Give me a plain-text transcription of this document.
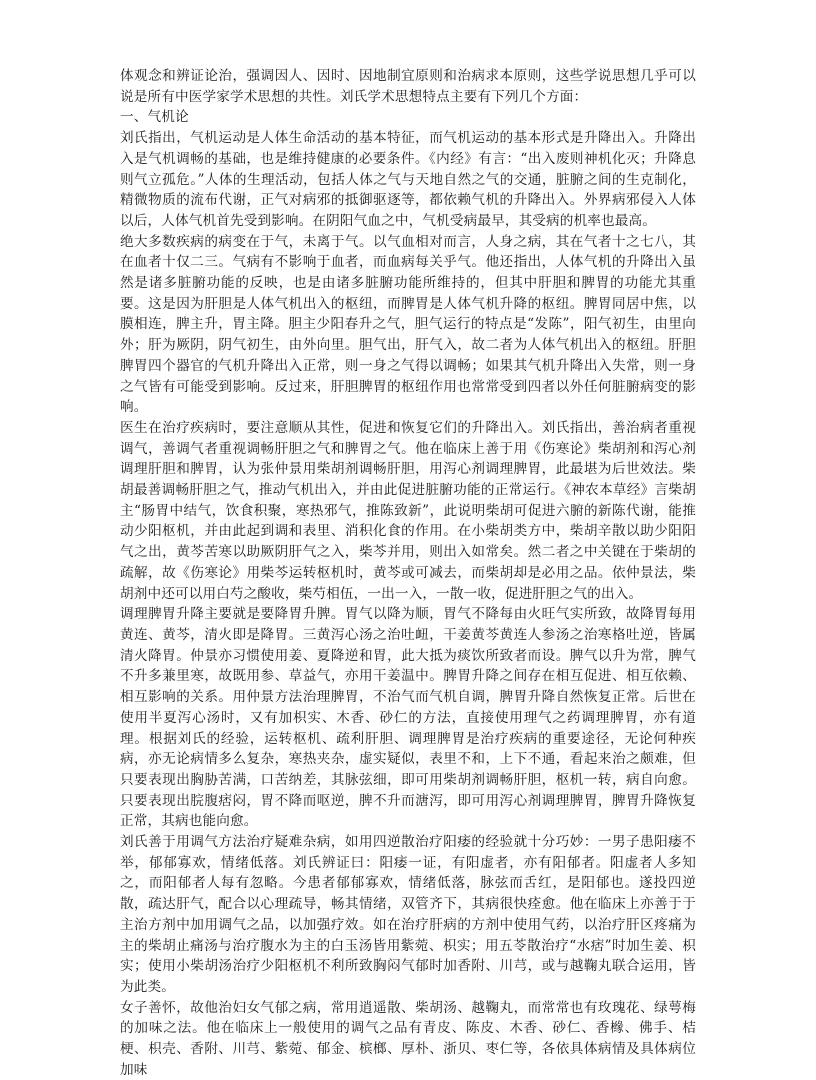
体观念和辨证论治，强调因人、因时、因地制宜原则和治病求本原则，这些学说思想几乎可以说是所有中医学家学术思想的共性。刘氏学术思想特点主要有下列几个方面：

一、气机论

刘氏指出，气机运动是人体生命活动的基本特征，而气机运动的基本形式是升降出入。升降出入是气机调畅的基础，也是维持健康的必要条件。《内经》有言：“出入废则神机化灭；升降息则气立孤危。”人体的生理活动，包括人体之气与天地自然之气的交通，脏腑之间的生克制化，精微物质的流布代谢，正气对病邪的抵御驱逐等，都依赖气机的升降出入。外界病邪侵入人体以后，人体气机首先受到影响。在阴阳气血之中，气机受病最早，其受病的机率也最高。

绝大多数疾病的病变在于气，未离于气。以气血相对而言，人身之病，其在气者十之七八，其在血者十仅二三。气病有不影响于血者，而血病每关乎气。他还指出，人体气机的升降出入虽然是诸多脏腑功能的反映，也是由诸多脏腑功能所维持的，但其中肝胆和脾胃的功能尤其重要。这是因为肝胆是人体气机出入的枢纽，而脾胃是人体气机升降的枢纽。脾胃同居中焦，以膜相连，脾主升，胃主降。胆主少阳春升之气，胆气运行的特点是“发陈”，阳气初生，由里向外；肝为厥阴，阴气初生，由外向里。胆气出，肝气入，故二者为人体气机出入的枢纽。肝胆脾胃四个器官的气机升降出入正常，则一身之气得以调畅；如果其气机升降出入失常，则一身之气皆有可能受到影响。反过来，肝胆脾胃的枢纽作用也常常受到四者以外任何脏腑病变的影响。

医生在治疗疾病时，要注意顺从其性，促进和恢复它们的升降出入。刘氏指出，善治病者重视调气，善调气者重视调畅肝胆之气和脾胃之气。他在临床上善于用《伤寒论》柴胡剂和泻心剂调理肝胆和脾胃，认为张仲景用柴胡剂调畅肝胆，用泻心剂调理脾胃，此最堪为后世效法。柴胡最善调畅肝胆之气，推动气机出入，并由此促进脏腑功能的正常运行。《神农本草经》言柴胡主“肠胃中结气，饮食积聚，寒热邪气，推陈致新”，此说明柴胡可促进六腑的新陈代谢，能推动少阳枢机，并由此起到调和表里、消积化食的作用。在小柴胡类方中，柴胡辛散以助少阳阳气之出，黄芩苦寒以助厥阴肝气之入，柴芩并用，则出入如常矣。然二者之中关键在于柴胡的疏解，故《伤寒论》用柴芩运转枢机时，黄芩或可减去，而柴胡却是必用之品。依仲景法，柴胡剂中还可以用白芍之酸收，柴芍相伍，一出一入，一散一收，促进肝胆之气的出入。

调理脾胃升降主要就是要降胃升脾。胃气以降为顺，胃气不降每由火旺气实所致，故降胃每用黄连、黄芩，清火即是降胃。三黄泻心汤之治吐衄，干姜黄芩黄连人参汤之治寒格吐逆，皆属清火降胃。仲景亦习惯使用姜、夏降逆和胃，此大抵为痰饮所致者而设。脾气以升为常，脾气不升多兼里寒，故既用参、草益气，亦用干姜温中。脾胃升降之间存在相互促进、相互依赖、相互影响的关系。用仲景方法治理脾胃，不治气而气机自调，脾胃升降自然恢复正常。后世在使用半夏泻心汤时，又有加枳实、木香、砂仁的方法，直接使用理气之药调理脾胃，亦有道理。根据刘氏的经验，运转枢机、疏利肝胆、调理脾胃是治疗疾病的重要途径，无论何种疾病，亦无论病情多么复杂，寒热夹杂，虚实疑似，表里不和，上下不通，看起来治之颇难，但只要表现出胸胁苦满，口苦纳差，其脉弦细，即可用柴胡剂调畅肝胆，枢机一转，病自向愈。只要表现出脘腹痞闷，胃不降而呕逆，脾不升而溏泻，即可用泻心剂调理脾胃，脾胃升降恢复正常，其病也能向愈。

刘氏善于用调气方法治疗疑难杂病，如用四逆散治疗阳痿的经验就十分巧妙：一男子患阳痿不举，郁郁寡欢，情绪低落。刘氏辨证曰：阳痿一证，有阳虚者，亦有阳郁者。阳虚者人多知之，而阳郁者人每有忽略。今患者郁郁寡欢，情绪低落，脉弦而舌红，是阳郁也。遂投四逆散，疏达肝气，配合以心理疏导，畅其情绪，双管齐下，其病很快痊愈。他在临床上亦善于于主治方剂中加用调气之品，以加强疗效。如在治疗肝病的方剂中使用气药，以治疗肝区疼痛为主的柴胡止痛汤与治疗腹水为主的白玉汤皆用紫菀、枳实；用五苓散治疗“水痞”时加生姜、枳实；使用小柴胡汤治疗少阳枢机不利所致胸闷气郁时加香附、川芎，或与越鞠丸联合运用，皆为此类。

女子善怀，故他治妇女气郁之病，常用逍遥散、柴胡汤、越鞠丸，而常常也有玫瑰花、绿萼梅的加味之法。他在临床上一般使用的调气之品有青皮、陈皮、木香、砂仁、香橼、佛手、桔梗、枳壳、香附、川芎、紫菀、郁金、槟榔、厚朴、浙贝、枣仁等，各依具体病情及具体病位加味
